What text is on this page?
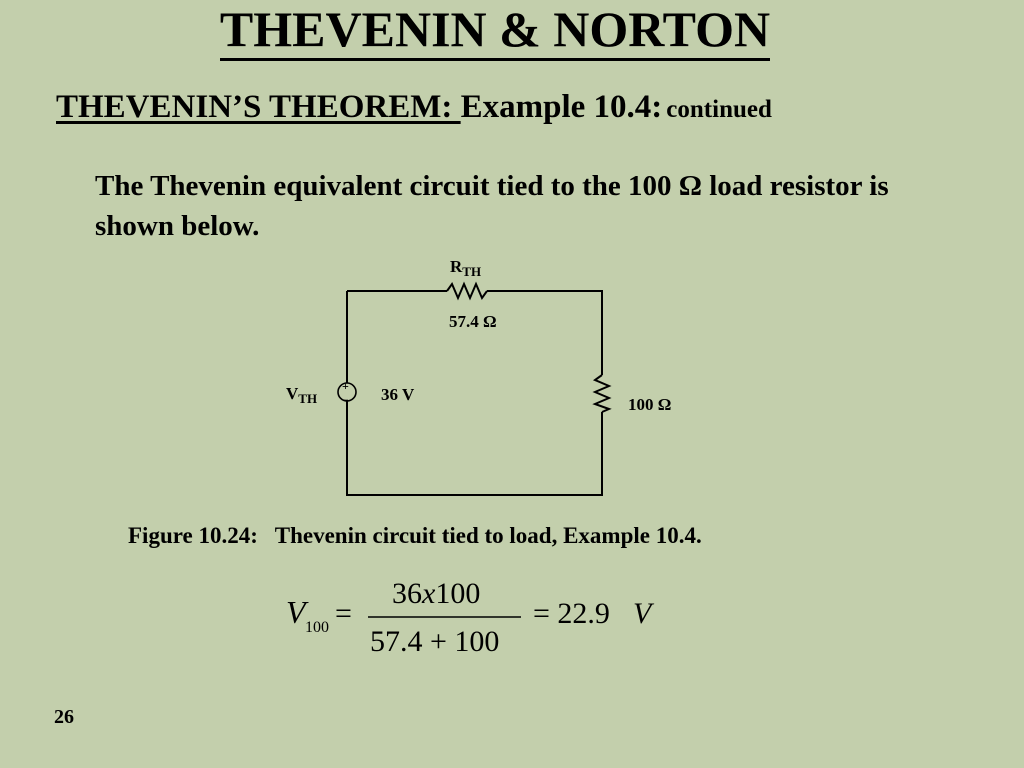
THEVENIN & NORTON
THEVENIN’S THEOREM: Example 10.4: continued
The Thevenin equivalent circuit tied to the 100 Ω load resistor is shown below.
+
–
$R_{TH}$
57.4 Ω
$V_{TH}$	36 V
100 Ω
Figure 10.24:   Thevenin circuit tied to load, Example 10.4.
V 100 =
36x100
57.4 + 100
= 22.9 V
26
